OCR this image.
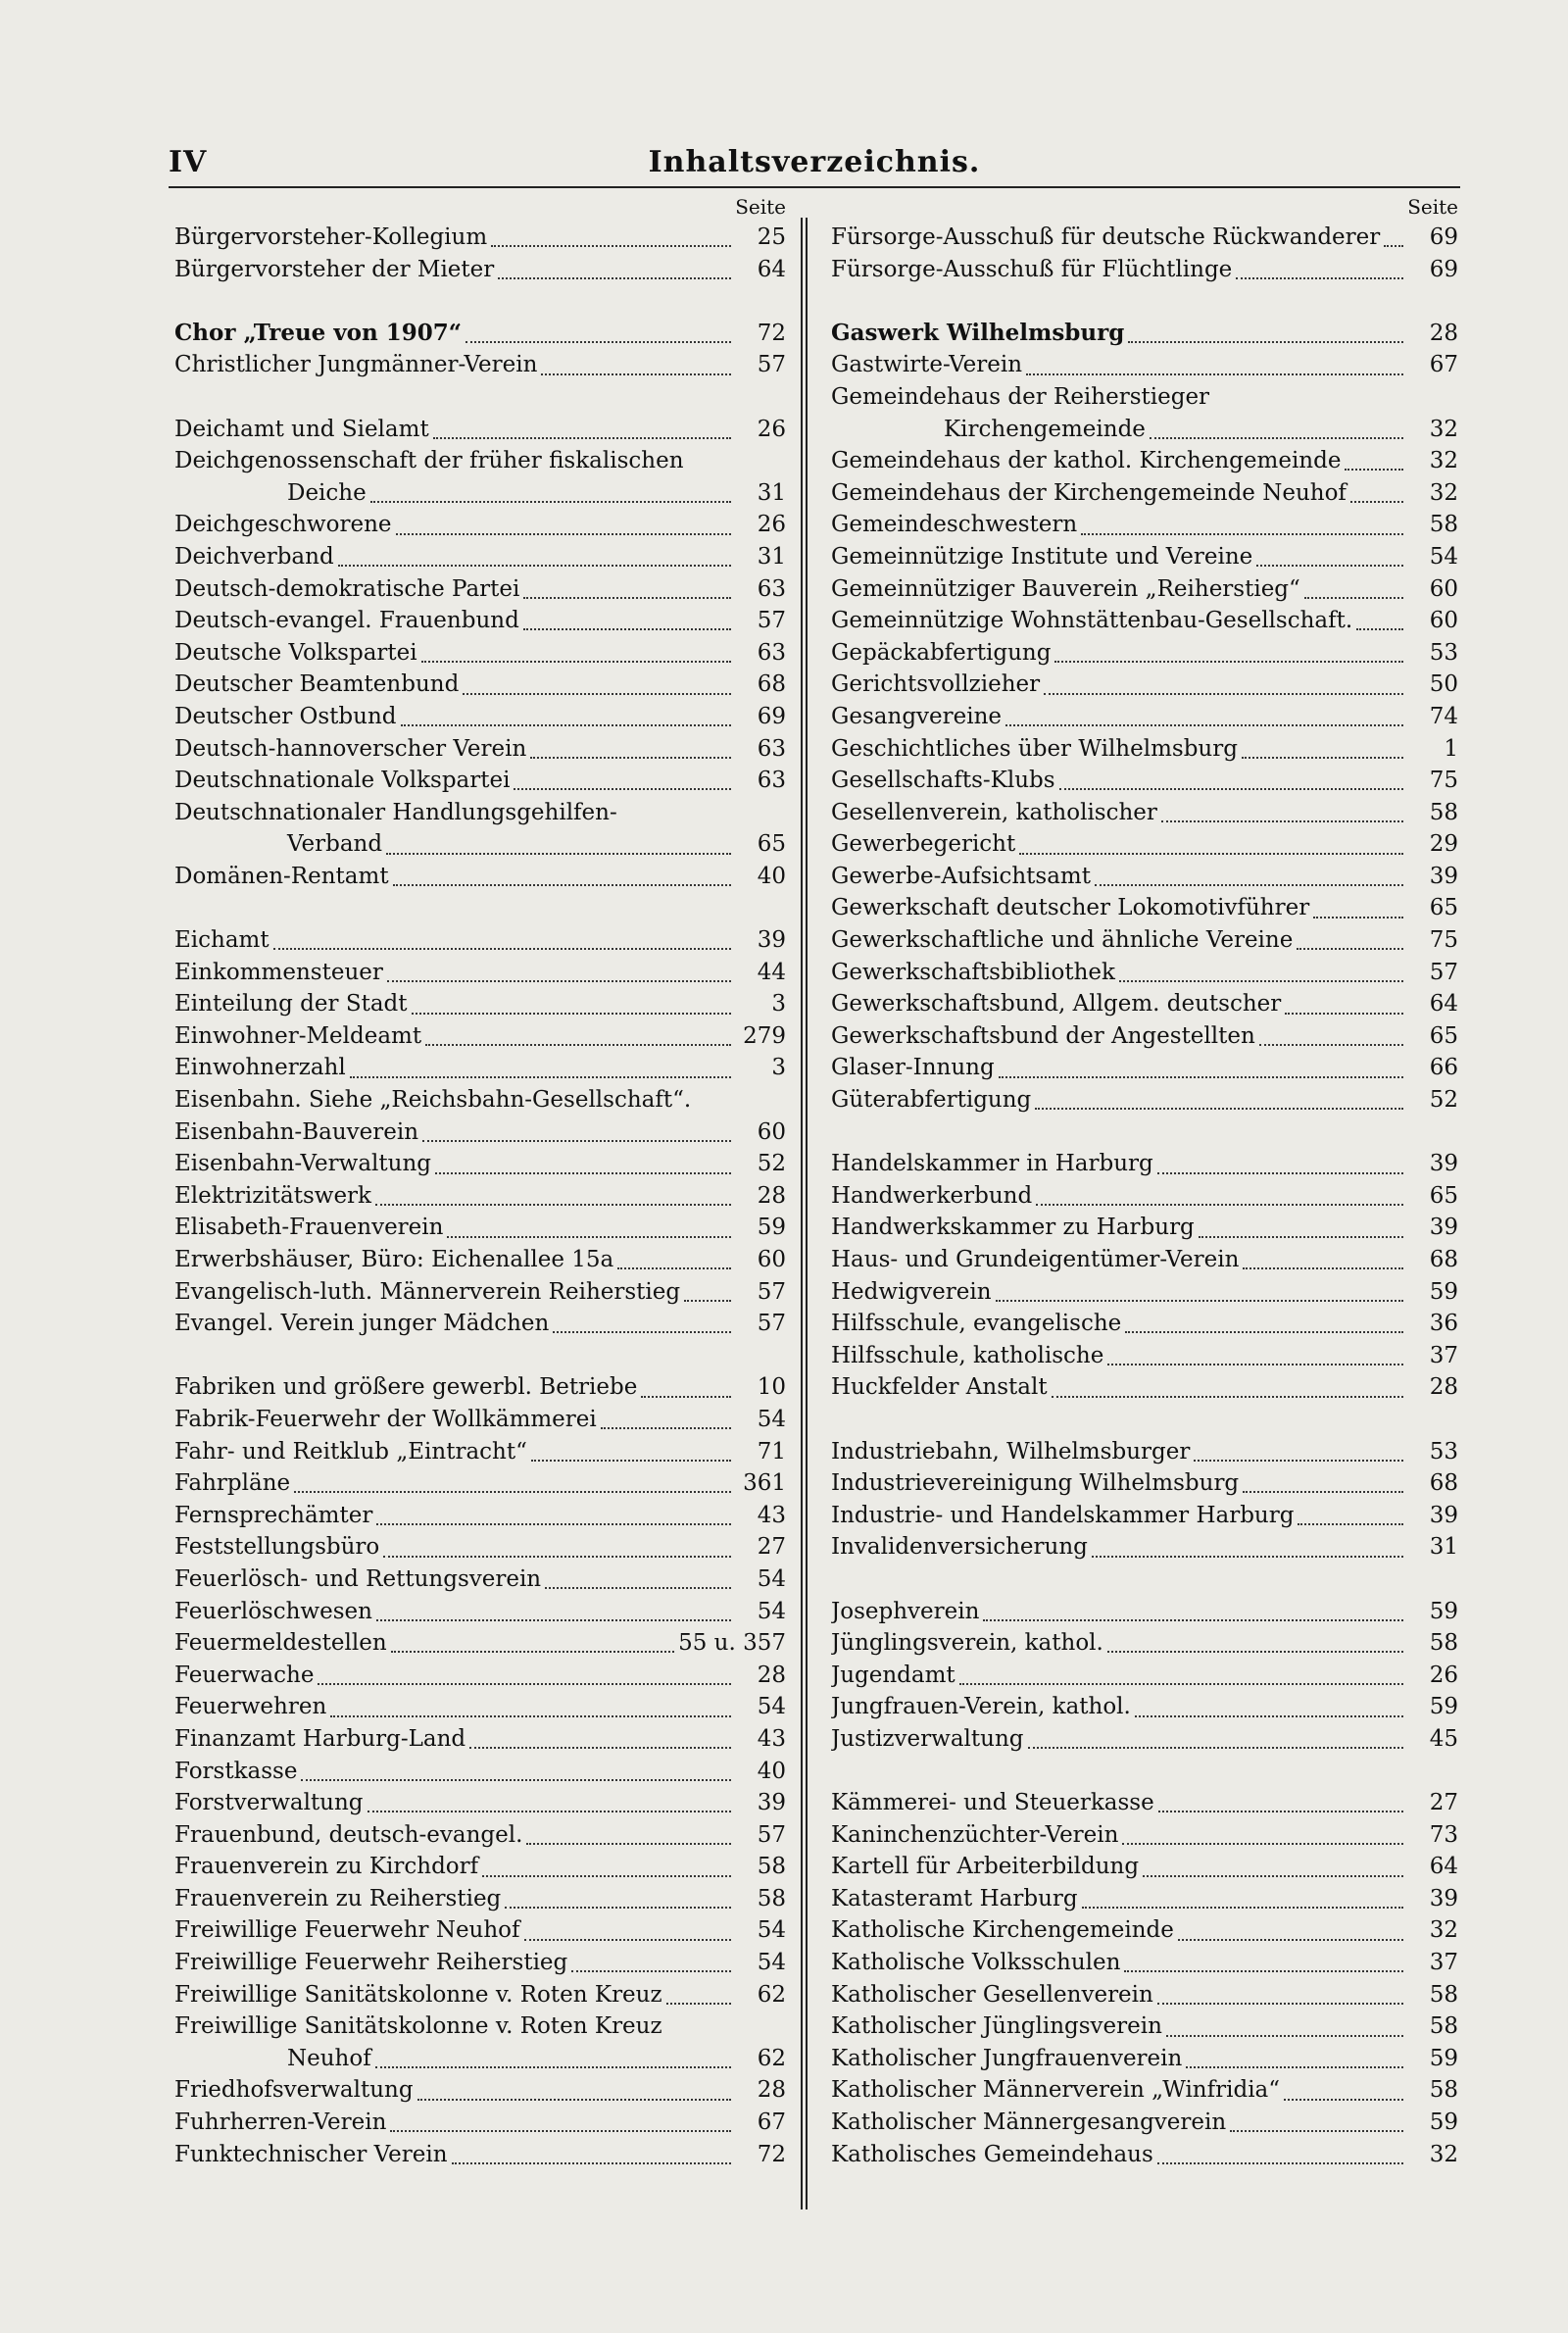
IV	Inhaltsverzeichnis.
Seite
Bürgervorsteher-Kollegium	25
Bürgervorsteher der Mieter	64
Chor „Treue von 1907“	72
Christlicher Jungmänner-Verein	57
Deichamt und Sielamt	26
Deichgenossenschaft der früher fiskalischen
Deiche	31
Deichgeschworene	26
Deichverband	31
Deutsch-demokratische Partei	63
Deutsch-evangel. Frauenbund	57
Deutsche Volkspartei	63
Deutscher Beamtenbund	68
Deutscher Ostbund	69
Deutsch-hannoverscher Verein	63
Deutschnationale Volkspartei	63
Deutschnationaler Handlungsgehilfen-
Verband	65
Domänen-Rentamt	40
Eichamt	39
Einkommensteuer	44
Einteilung der Stadt	3
Einwohner-Meldeamt	279
Einwohnerzahl	3
Eisenbahn. Siehe „Reichsbahn-Gesellschaft“.
Eisenbahn-Bauverein	60
Eisenbahn-Verwaltung	52
Elektrizitätswerk	28
Elisabeth-Frauenverein	59
Erwerbshäuser, Büro: Eichenallee 15a	60
Evangelisch-luth. Männerverein Reiherstieg	57
Evangel. Verein junger Mädchen	57
Fabriken und größere gewerbl. Betriebe	10
Fabrik-Feuerwehr der Wollkämmerei	54
Fahr- und Reitklub „Eintracht“	71
Fahrpläne	361
Fernsprechämter	43
Feststellungsbüro	27
Feuerlösch- und Rettungsverein	54
Feuerlöschwesen	54
Feuermeldestellen	55 u. 357
Feuerwache	28
Feuerwehren	54
Finanzamt Harburg-Land	43
Forstkasse	40
Forstverwaltung	39
Frauenbund, deutsch-evangel.	57
Frauenverein zu Kirchdorf	58
Frauenverein zu Reiherstieg	58
Freiwillige Feuerwehr Neuhof	54
Freiwillige Feuerwehr Reiherstieg	54
Freiwillige Sanitätskolonne v. Roten Kreuz	62
Freiwillige Sanitätskolonne v. Roten Kreuz
Neuhof	62
Friedhofsverwaltung	28
Fuhrherren-Verein	67
Funktechnischer Verein	72
Seite
Fürsorge-Ausschuß für deutsche Rückwanderer	69
Fürsorge-Ausschuß für Flüchtlinge	69
Gaswerk Wilhelmsburg	28
Gastwirte-Verein	67
Gemeindehaus der Reiherstieger
Kirchengemeinde	32
Gemeindehaus der kathol. Kirchengemeinde	32
Gemeindehaus der Kirchengemeinde Neuhof	32
Gemeindeschwestern	58
Gemeinnützige Institute und Vereine	54
Gemeinnütziger Bauverein „Reiherstieg“	60
Gemeinnützige Wohnstättenbau-Gesellschaft.	60
Gepäckabfertigung	53
Gerichtsvollzieher	50
Gesangvereine	74
Geschichtliches über Wilhelmsburg	1
Gesellschafts-Klubs	75
Gesellenverein, katholischer	58
Gewerbegericht	29
Gewerbe-Aufsichtsamt	39
Gewerkschaft deutscher Lokomotivführer	65
Gewerkschaftliche und ähnliche Vereine	75
Gewerkschaftsbibliothek	57
Gewerkschaftsbund, Allgem. deutscher	64
Gewerkschaftsbund der Angestellten	65
Glaser-Innung	66
Güterabfertigung	52
Handelskammer in Harburg	39
Handwerkerbund	65
Handwerkskammer zu Harburg	39
Haus- und Grundeigentümer-Verein	68
Hedwigverein	59
Hilfsschule, evangelische	36
Hilfsschule, katholische	37
Huckfelder Anstalt	28
Industriebahn, Wilhelmsburger	53
Industrievereinigung Wilhelmsburg	68
Industrie- und Handelskammer Harburg	39
Invalidenversicherung	31
Josephverein	59
Jünglingsverein, kathol.	58
Jugendamt	26
Jungfrauen-Verein, kathol.	59
Justizverwaltung	45
Kämmerei- und Steuerkasse	27
Kaninchenzüchter-Verein	73
Kartell für Arbeiterbildung	64
Katasteramt Harburg	39
Katholische Kirchengemeinde	32
Katholische Volksschulen	37
Katholischer Gesellenverein	58
Katholischer Jünglingsverein	58
Katholischer Jungfrauenverein	59
Katholischer Männerverein „Winfridia“	58
Katholischer Männergesangverein	59
Katholisches Gemeindehaus	32
